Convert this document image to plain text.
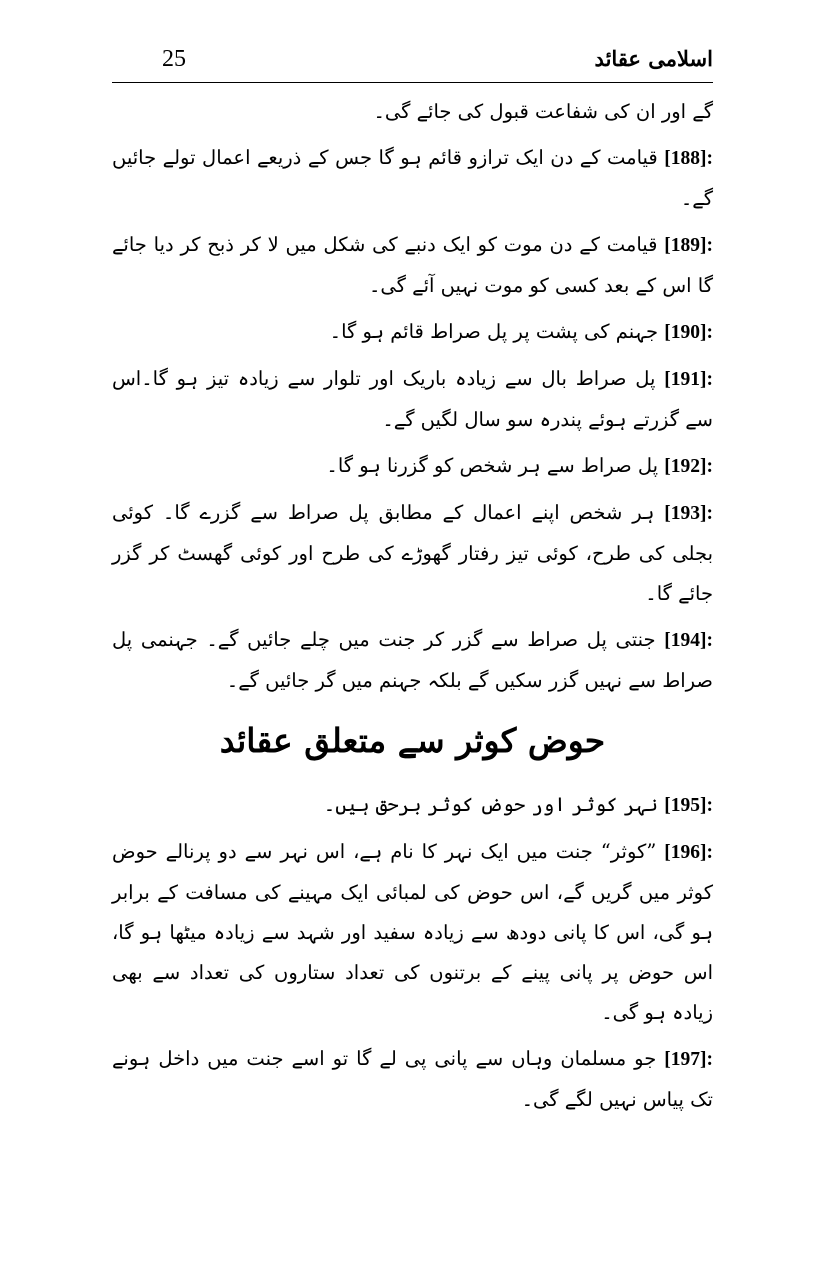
25	اسلامی عقائد

گے اور ان کی شفاعت قبول کی جائے گی۔

[188]: قیامت کے دن ایک ترازو قائم ہو گا جس کے ذریعے اعمال تولے جائیں گے۔

[189]: قیامت کے دن موت کو ایک دنبے کی شکل میں لا کر ذبح کر دیا جائے گا اس کے بعد کسی کو موت نہیں آئے گی۔

[190]: جہنم کی پشت پر پل صراط قائم ہو گا۔

[191]: پل صراط بال سے زیادہ باریک اور تلوار سے زیادہ تیز ہو گا۔اس سے گزرتے ہوئے پندرہ سو سال لگیں گے۔

[192]: پل صراط سے ہر شخص کو گزرنا ہو گا۔

[193]: ہر شخص اپنے اعمال کے مطابق پل صراط سے گزرے گا۔ کوئی بجلی کی طرح، کوئی تیز رفتار گھوڑے کی طرح اور کوئی گھسٹ کر گزر جائے گا۔

[194]: جنتی پل صراط سے گزر کر جنت میں چلے جائیں گے۔ جہنمی پل صراط سے نہیں گزر سکیں گے بلکہ جہنم میں گر جائیں گے۔

حوض کوثر سے متعلق عقائد

[195]: نہر کوثر اور حوض کوثر برحق ہیں۔

[196]: ”کوثر“ جنت میں ایک نہر کا نام ہے، اس نہر سے دو پرنالے حوض کوثر میں گریں گے، اس حوض کی لمبائی ایک مہینے کی مسافت کے برابر ہو گی، اس کا پانی دودھ سے زیادہ سفید اور شہد سے زیادہ میٹھا ہو گا، اس حوض پر پانی پینے کے برتنوں کی تعداد ستاروں کی تعداد سے بھی زیادہ ہو گی۔

[197]: جو مسلمان وہاں سے پانی پی لے گا تو اسے جنت میں داخل ہونے تک پیاس نہیں لگے گی۔
